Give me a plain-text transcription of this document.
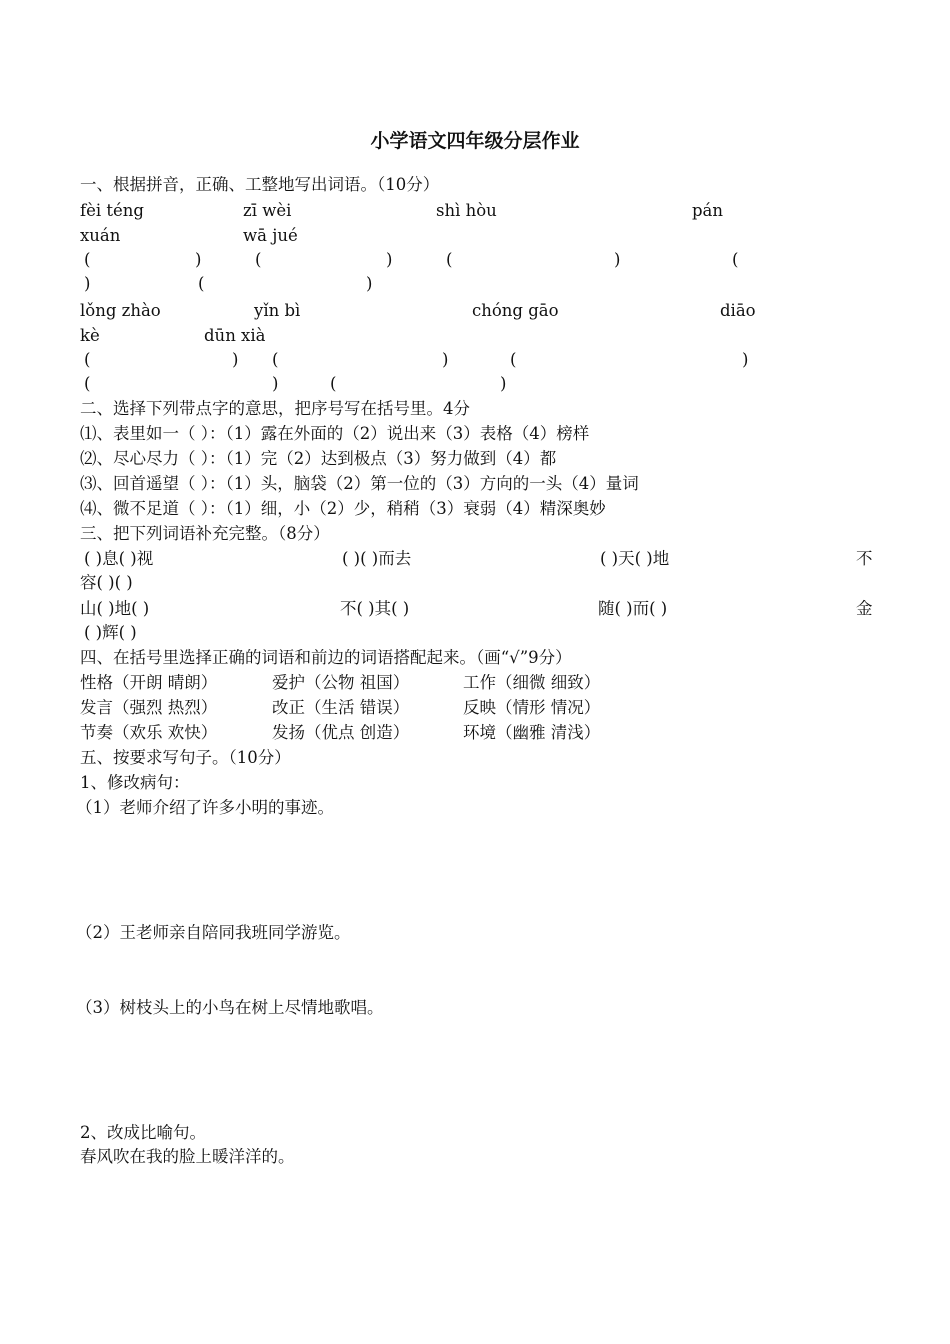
小学语文四年级分层作业
一、根据拼音，正确、工整地写出词语。（10分）
fèi téng	zī wèi	shì hòu	pán
xuán	wā jué
(	)	(	)	(	)	(
)	(	)
lǒng zhào	yǐn bì	chóng gāo	diāo
kè	dūn xià
(	) (	)	(	)
(	)	(	)
二、选择下列带点字的意思，把序号写在括号里。4分
⑴、表里如一（ ）：（1）露在外面的（2）说出来（3）表格（4）榜样
⑵、尽心尽力（ ）：（1）完（2）达到极点（3）努力做到（4）都
⑶、回首遥望（ ）：（1）头，脑袋（2）第一位的（3）方向的一头（4）量词
⑷、微不足道（ ）：（1）细，小（2）少，稍稍（3）衰弱（4）精深奥妙
三、把下列词语补充完整。（8分）
( )息( )视	( )( )而去	( )天( )地	不
容( )( )
山( )地( )	不( )其( )	随( )而( )	金
( )辉( )
四、在括号里选择正确的词语和前边的词语搭配起来。（画“√”9分）
性格（开朗 晴朗）	爱护（公物 祖国）	工作（细微 细致）
发言（强烈 热烈）	改正（生活 错误）	反映（情形 情况）
节奏（欢乐 欢快）	发扬（优点 创造）	环境（幽雅 清浅）
五、按要求写句子。（10分）
1、修改病句：
（1）老师介绍了许多小明的事迹。
（2）王老师亲自陪同我班同学游览。
（3）树枝头上的小鸟在树上尽情地歌唱。
2、改成比喻句。
春风吹在我的脸上暖洋洋的。
